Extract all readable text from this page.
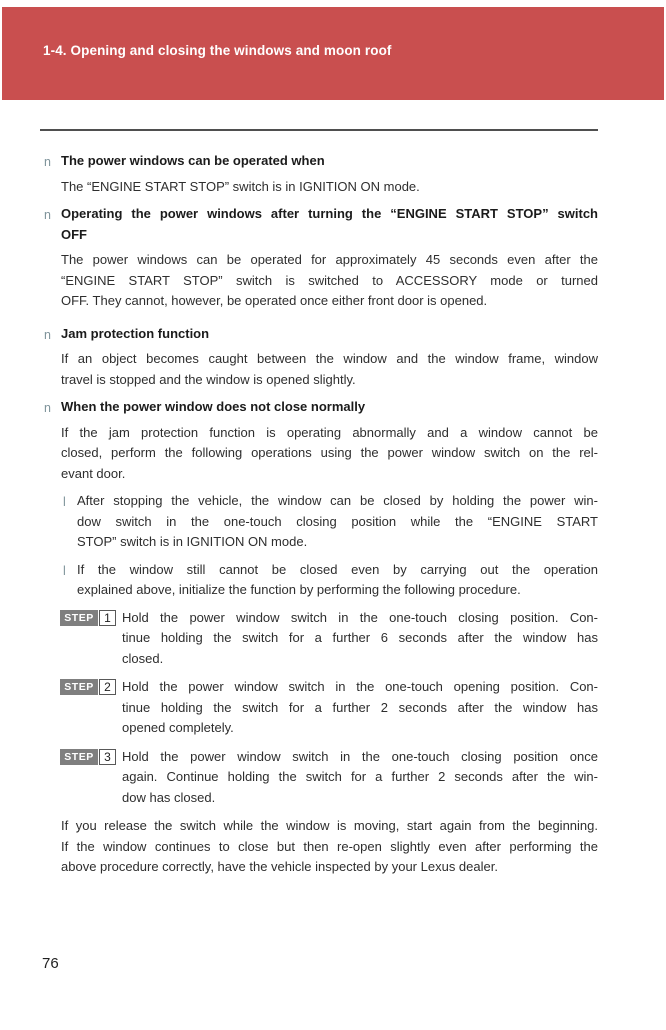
1-4. Opening and closing the windows and moon roof
n The power windows can be operated when
The “ENGINE START STOP” switch is in IGNITION ON mode.
n Operating the power windows after turning the “ENGINE START STOP” switch
OFF
The power windows can be operated for approximately 45 seconds even after the
“ENGINE START STOP” switch is switched to ACCESSORY mode or turned
OFF. They cannot, however, be operated once either front door is opened.
n Jam protection function
If an object becomes caught between the window and the window frame, window
travel is stopped and the window is opened slightly.
n When the power window does not close normally
If the jam protection function is operating abnormally and a window cannot be
closed, perform the following operations using the power window switch on the rel-
evant door.
l After stopping the vehicle, the window can be closed by holding the power win-
dow switch in the one-touch closing position while the “ENGINE START
STOP” switch is in IGNITION ON mode.
l If the window still cannot be closed even by carrying out the operation
explained above, initialize the function by performing the following procedure.
STEP 1 Hold the power window switch in the one-touch closing position. Con-
tinue holding the switch for a further 6 seconds after the window has
closed.
STEP 2 Hold the power window switch in the one-touch opening position. Con-
tinue holding the switch for a further 2 seconds after the window has
opened completely.
STEP 3 Hold the power window switch in the one-touch closing position once
again. Continue holding the switch for a further 2 seconds after the win-
dow has closed.
If you release the switch while the window is moving, start again from the beginning.
If the window continues to close but then re-open slightly even after performing the
above procedure correctly, have the vehicle inspected by your Lexus dealer.
76
